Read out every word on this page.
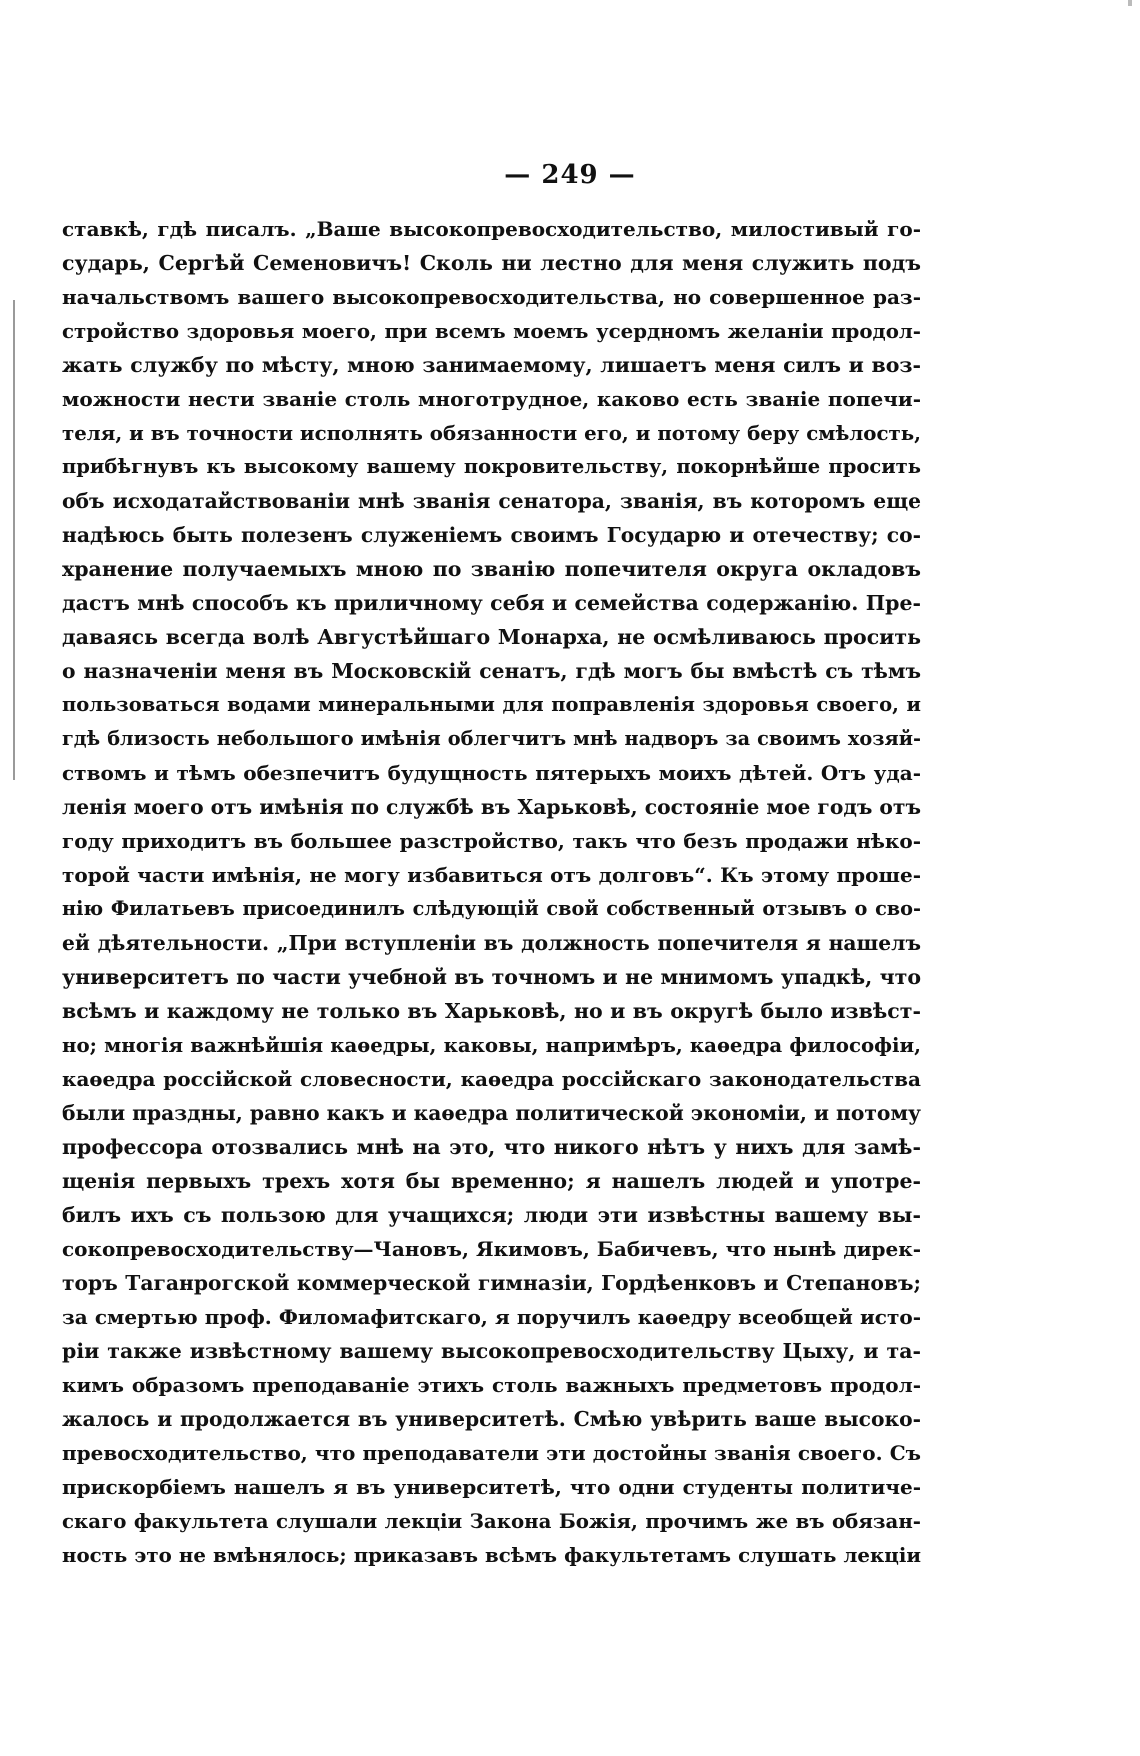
— 249 —
ставкѣ, гдѣ писалъ. „Ваше высокопревосходительство, милостивый го-
сударь, Сергѣй Семеновичъ! Сколь ни лестно для меня служить подъ
начальствомъ вашего высокопревосходительства, но совершенное раз-
стройство здоровья моего, при всемъ моемъ усердномъ желанiи продол-
жать службу по мѣсту, мною занимаемому, лишаетъ меня силъ и воз-
можности нести званiе столь многотрудное, каково есть званiе попечи-
теля, и въ точности исполнять обязанности его, и потому беру смѣлость,
прибѣгнувъ къ высокому вашему покровительству, покорнѣйше просить
объ исходатайствованiи мнѣ званiя сенатора, званiя, въ которомъ еще
надѣюсь быть полезенъ служенiемъ своимъ Государю и отечеству; со-
хранение получаемыхъ мною по званiю попечителя округа окладовъ
дастъ мнѣ способъ къ приличному себя и семейства содержанiю. Пре-
даваясь всегда волѣ Августѣйшаго Монарха, не осмѣливаюсь просить
о назначенiи меня въ Московскiй сенатъ, гдѣ могъ бы вмѣстѣ съ тѣмъ
пользоваться водами минеральными для поправленiя здоровья своего, и
гдѣ близость небольшого имѣнiя облегчитъ мнѣ надворъ за своимъ хозяй-
ствомъ и тѣмъ обезпечитъ будущность пятерыхъ моихъ дѣтей. Отъ уда-
ленiя моего отъ имѣнiя по службѣ въ Харьковѣ, состоянiе мое годъ отъ
году приходитъ въ большее разстройство, такъ что безъ продажи нѣко-
торой части имѣнiя, не могу избавиться отъ долговъ“. Къ этому проше-
нiю Филатьевъ присоединилъ слѣдующiй свой собственный отзывъ о сво-
ей дѣятельности. „При вступленiи въ должность попечителя я нашелъ
университетъ по части учебной въ точномъ и не мнимомъ упадкѣ, что
всѣмъ и каждому не только въ Харьковѣ, но и въ округѣ было извѣст-
но; многiя важнѣйшiя каѳедры, каковы, напримѣръ, каѳедра философiи,
каѳедра россiйской словесности, каѳедра россiйскаго законодательства
были праздны, равно какъ и каѳедра политической экономiи, и потому
профессора отозвались мнѣ на это, что никого нѣтъ у нихъ для замѣ-
щенiя первыхъ трехъ хотя бы временно; я нашелъ людей и употре-
билъ ихъ съ пользою для учащихся; люди эти извѣстны вашему вы-
сокопревосходительству—Чановъ, Якимовъ, Бабичевъ, что нынѣ дирек-
торъ Таганрогской коммерческой гимназiи, Гордѣенковъ и Степановъ;
за смертью проф. Филомафитскаго, я поручилъ каѳедру всеобщей исто-
рiи также извѣстному вашему высокопревосходительству Цыху, и та-
кимъ образомъ преподаванiе этихъ столь важныхъ предметовъ продол-
жалось и продолжается въ университетѣ. Смѣю увѣрить ваше высоко-
превосходительство, что преподаватели эти достойны званiя своего. Съ
прискорбiемъ нашелъ я въ университетѣ, что одни студенты политиче-
скаго факультета слушали лекцiи Закона Божiя, прочимъ же въ обязан-
ность это не вмѣнялось; приказавъ всѣмъ факультетамъ слушать лекцiи
